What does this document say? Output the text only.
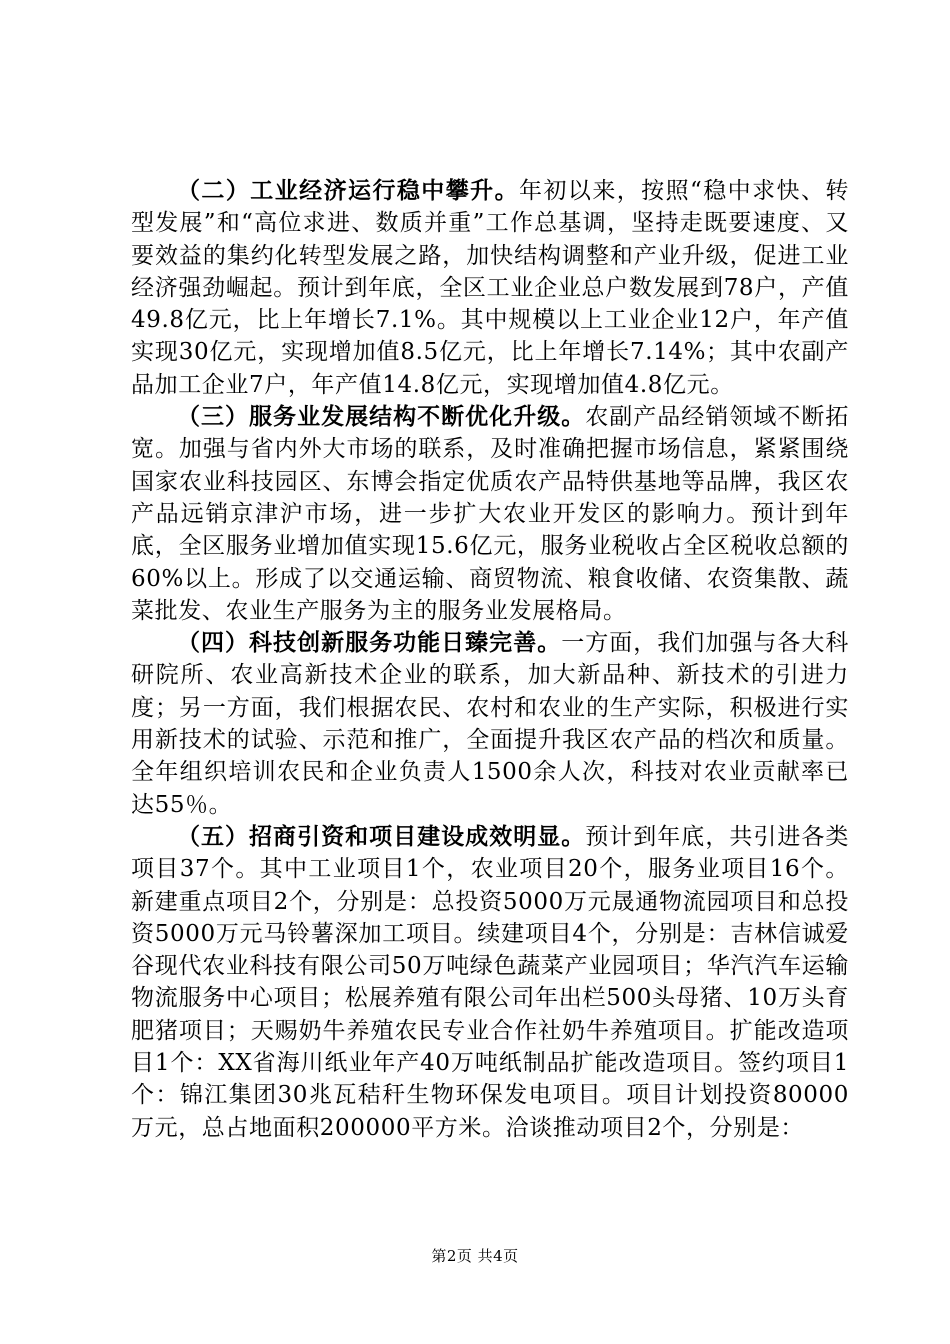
（二）工业经济运行稳中攀升。年初以来，按照“稳中求快、转型发展”和“高位求进、数质并重”工作总基调，坚持走既要速度、又要效益的集约化转型发展之路，加快结构调整和产业升级，促进工业经济强劲崛起。预计到年底，全区工业企业总户数发展到78户，产值49.8亿元，比上年增长7.1%。其中规模以上工业企业12户，年产值实现30亿元，实现增加值8.5亿元，比上年增长7.14%；其中农副产品加工企业7户，年产值14.8亿元，实现增加值4.8亿元。

（三）服务业发展结构不断优化升级。农副产品经销领域不断拓宽。加强与省内外大市场的联系，及时准确把握市场信息，紧紧围绕国家农业科技园区、东博会指定优质农产品特供基地等品牌，我区农产品远销京津沪市场，进一步扩大农业开发区的影响力。预计到年底，全区服务业增加值实现15.6亿元，服务业税收占全区税收总额的60%以上。形成了以交通运输、商贸物流、粮食收储、农资集散、蔬菜批发、农业生产服务为主的服务业发展格局。

（四）科技创新服务功能日臻完善。一方面，我们加强与各大科研院所、农业高新技术企业的联系，加大新品种、新技术的引进力度；另一方面，我们根据农民、农村和农业的生产实际，积极进行实用新技术的试验、示范和推广，全面提升我区农产品的档次和质量。全年组织培训农民和企业负责人1500余人次，科技对农业贡献率已达55％。

（五）招商引资和项目建设成效明显。预计到年底，共引进各类项目37个。其中工业项目1个，农业项目20个，服务业项目16个。新建重点项目2个，分别是：总投资5000万元晟通物流园项目和总投资5000万元马铃薯深加工项目。续建项目4个，分别是：吉林信诚爱谷现代农业科技有限公司50万吨绿色蔬菜产业园项目；华汽汽车运输物流服务中心项目；松展养殖有限公司年出栏500头母猪、10万头育肥猪项目；天赐奶牛养殖农民专业合作社奶牛养殖项目。扩能改造项目1个：XX省海川纸业年产40万吨纸制品扩能改造项目。签约项目1个：锦江集团30兆瓦秸秆生物环保发电项目。项目计划投资80000万元，总占地面积200000平方米。洽谈推动项目2个，分别是：

第2页 共4页
